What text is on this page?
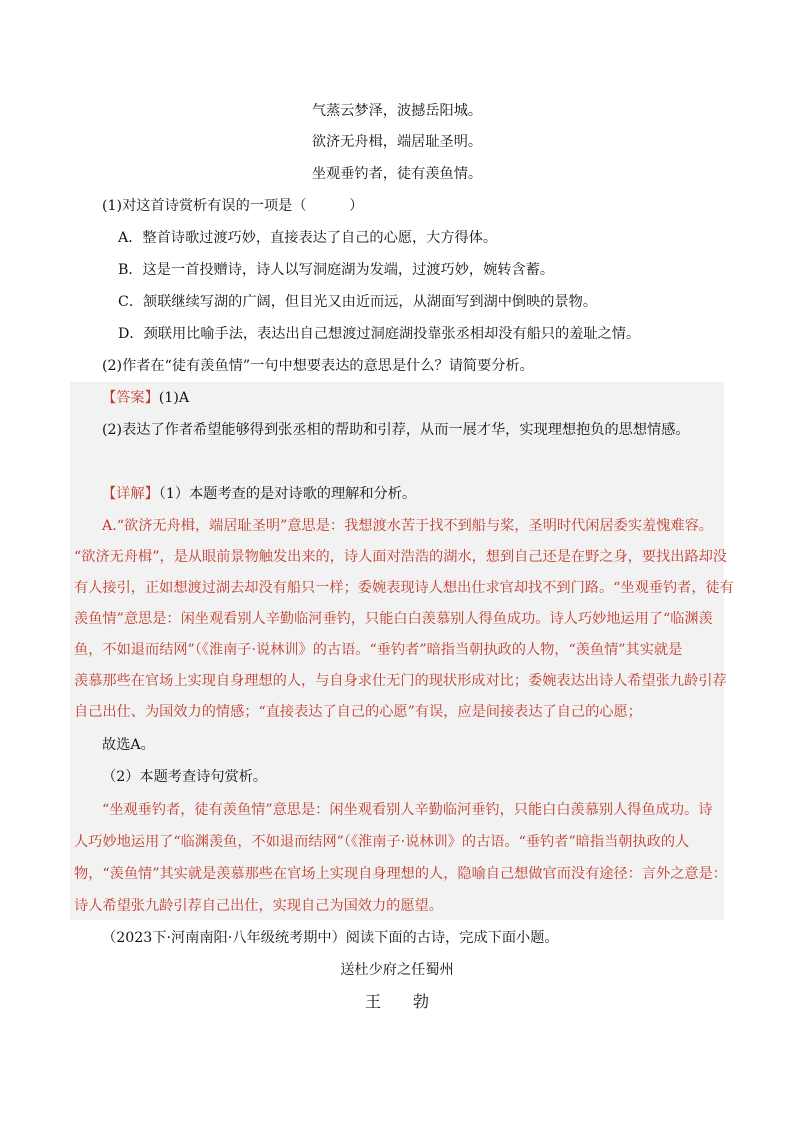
气蒸云梦泽，波撼岳阳城。
欲济无舟楫，端居耻圣明。
坐观垂钓者，徒有羡鱼情。
(1)对这首诗赏析有误的一项是（　　　）
A．整首诗歌过渡巧妙，直接表达了自己的心愿，大方得体。
B．这是一首投赠诗，诗人以写洞庭湖为发端，过渡巧妙，婉转含蓄。
C．颔联继续写湖的广阔，但目光又由近而远，从湖面写到湖中倒映的景物。
D．颈联用比喻手法，表达出自己想渡过洞庭湖投靠张丞相却没有船只的羞耻之情。
(2)作者在“徒有羡鱼情”一句中想要表达的意思是什么？请简要分析。
【答案】(1)A
(2)表达了作者希望能够得到张丞相的帮助和引荐，从而一展才华，实现理想抱负的思想情感。
【详解】（1）本题考查的是对诗歌的理解和分析。
A.“欲济无舟楫，端居耻圣明”意思是：我想渡水苦于找不到船与桨，圣明时代闲居委实羞愧难容。
“欲济无舟楫”，是从眼前景物触发出来的，诗人面对浩浩的湖水，想到自己还是在野之身，要找出路却没
有人接引，正如想渡过湖去却没有船只一样；委婉表现诗人想出仕求官却找不到门路。“坐观垂钓者，徒有
羡鱼情”意思是：闲坐观看别人辛勤临河垂钓，只能白白羡慕别人得鱼成功。诗人巧妙地运用了“临渊羡
鱼，不如退而结网”（《淮南子·说林训》的古语。“垂钓者”暗指当朝执政的人物，“羡鱼情”其实就是
羡慕那些在官场上实现自身理想的人，与自身求仕无门的现状形成对比；委婉表达出诗人希望张九龄引荐
自己出仕、为国效力的情感；“直接表达了自己的心愿”有误，应是间接表达了自己的心愿；
故选A。
（2）本题考查诗句赏析。
“坐观垂钓者，徒有羡鱼情”意思是：闲坐观看别人辛勤临河垂钓，只能白白羡慕别人得鱼成功。诗
人巧妙地运用了“临渊羡鱼，不如退而结网”（《淮南子·说林训》的古语。“垂钓者”暗指当朝执政的人
物，“羡鱼情”其实就是羡慕那些在官场上实现自身理想的人，隐喻自己想做官而没有途径：言外之意是：
诗人希望张九龄引荐自己出仕，实现自己为国效力的愿望。
（2023下·河南南阳·八年级统考期中）阅读下面的古诗，完成下面小题。
送杜少府之任蜀州
王　　勃
